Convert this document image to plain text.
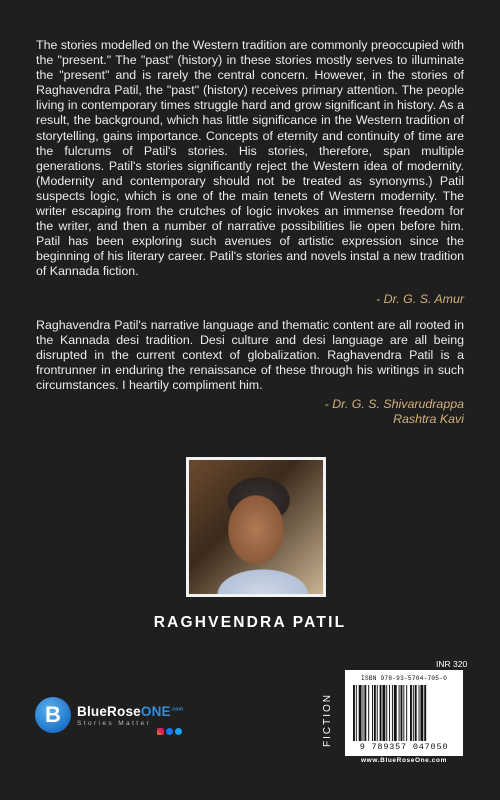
The stories modelled on the Western tradition are commonly preoccupied with the "present." The "past" (history) in these stories mostly serves to illuminate the "present" and is rarely the central concern. However, in the stories of Raghavendra Patil, the "past" (history) receives primary attention. The people living in contemporary times struggle hard and grow significant in history. As a result, the background, which has little significance in the Western tradition of storytelling, gains importance. Concepts of eternity and continuity of time are the fulcrums of Patil's stories. His stories, therefore, span multiple generations. Patil's stories significantly reject the Western idea of modernity. (Modernity and contemporary should not be treated as synonyms.) Patil suspects logic, which is one of the main tenets of Western modernity. The writer escaping from the crutches of logic invokes an immense freedom for the writer, and then a number of narrative possibilities lie open before him. Patil has been exploring such avenues of artistic expression since the beginning of his literary career. Patil's stories and novels instal a new tradition of Kannada fiction.

- Dr. G. S. Amur

Raghavendra Patil's narrative language and thematic content are all rooted in the Kannada desi tradition. Desi culture and desi language are all being disrupted in the current context of globalization. Raghavendra Patil is a frontrunner in enduring the renaissance of these through his writings in such circumstances. I heartily compliment him.

- Dr. G. S. Shivarudrappa
Rashtra Kavi
RAGHVENDRA PATIL
B	BlueRoseONE$^{.com}$
Stories Matter	FICTION
INR 320
ISBN 978-93-5704-705-0
9 789357 047050
www.BlueRoseOne.com
